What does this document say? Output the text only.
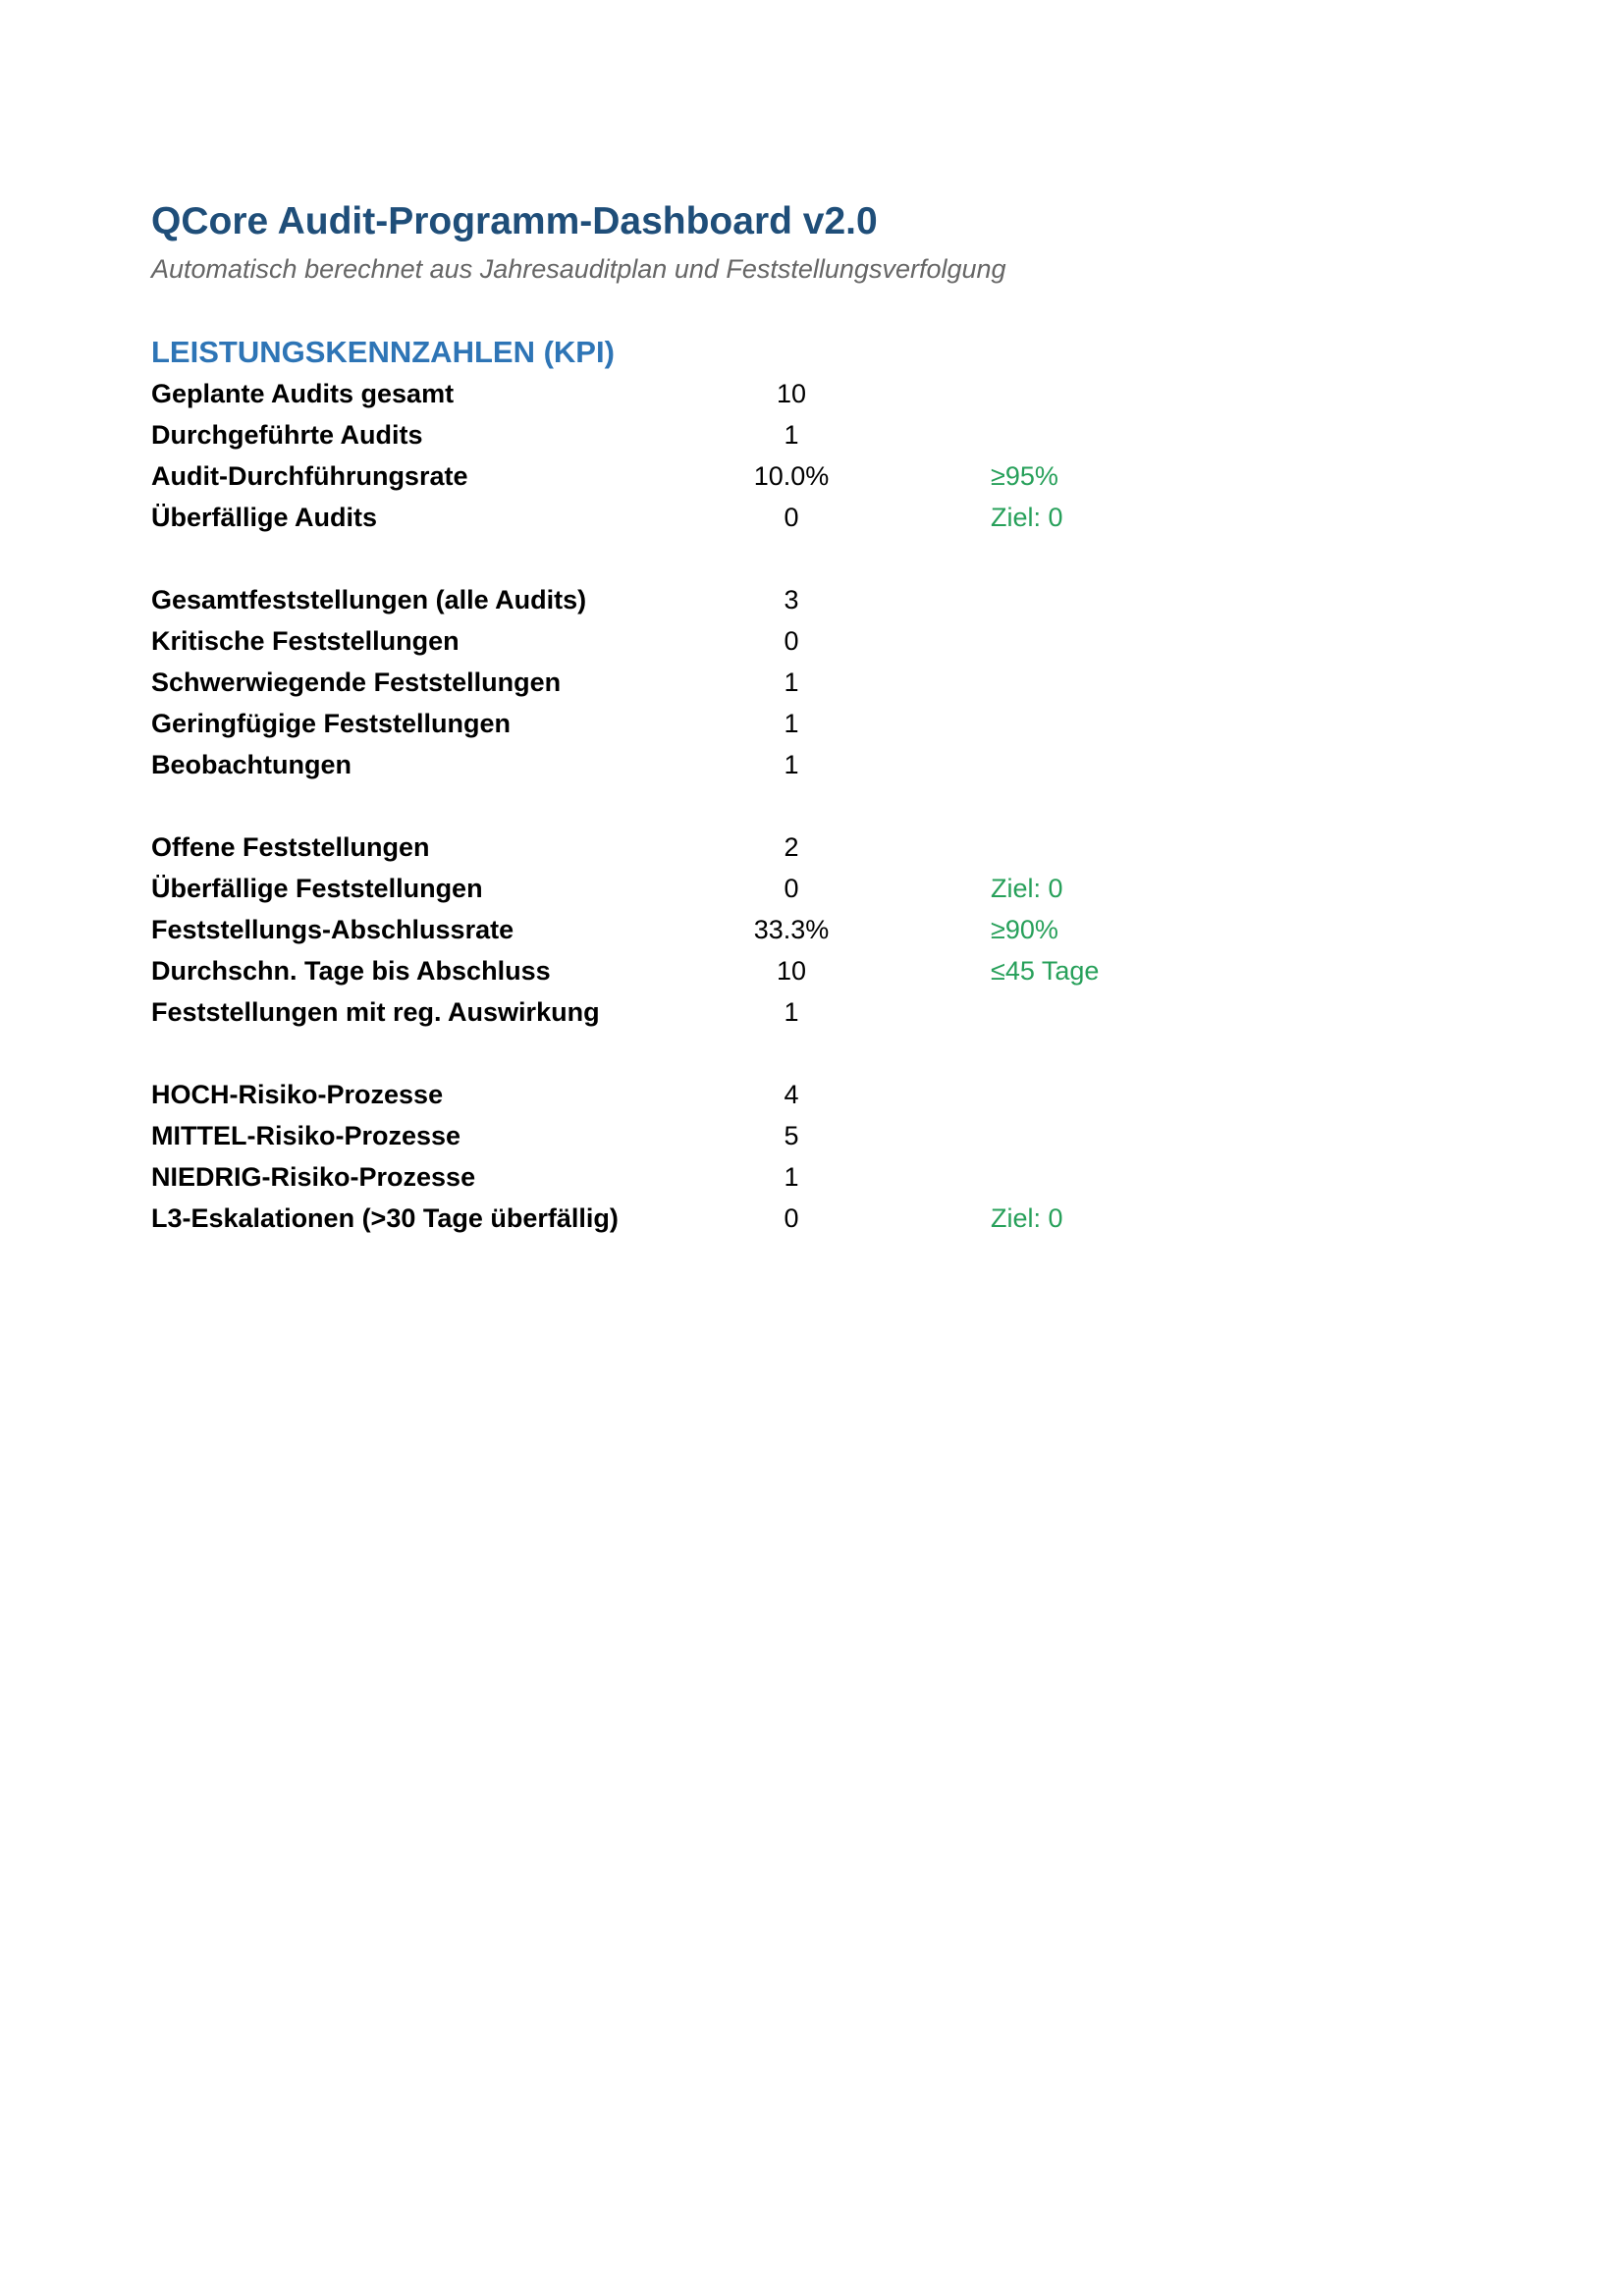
QCore Audit-Programm-Dashboard v2.0
Automatisch berechnet aus Jahresauditplan und Feststellungsverfolgung
LEISTUNGSKENNZAHLEN (KPI)
Geplante Audits gesamt	10
Durchgeführte Audits	1
Audit-Durchführungsrate	10.0%	≥95%
Überfällige Audits	0	Ziel: 0
Gesamtfeststellungen (alle Audits)	3
Kritische Feststellungen	0
Schwerwiegende Feststellungen	1
Geringfügige Feststellungen	1
Beobachtungen	1
Offene Feststellungen	2
Überfällige Feststellungen	0	Ziel: 0
Feststellungs-Abschlussrate	33.3%	≥90%
Durchschn. Tage bis Abschluss	10	≤45 Tage
Feststellungen mit reg. Auswirkung	1
HOCH-Risiko-Prozesse	4
MITTEL-Risiko-Prozesse	5
NIEDRIG-Risiko-Prozesse	1
L3-Eskalationen (>30 Tage überfällig)	0	Ziel: 0
